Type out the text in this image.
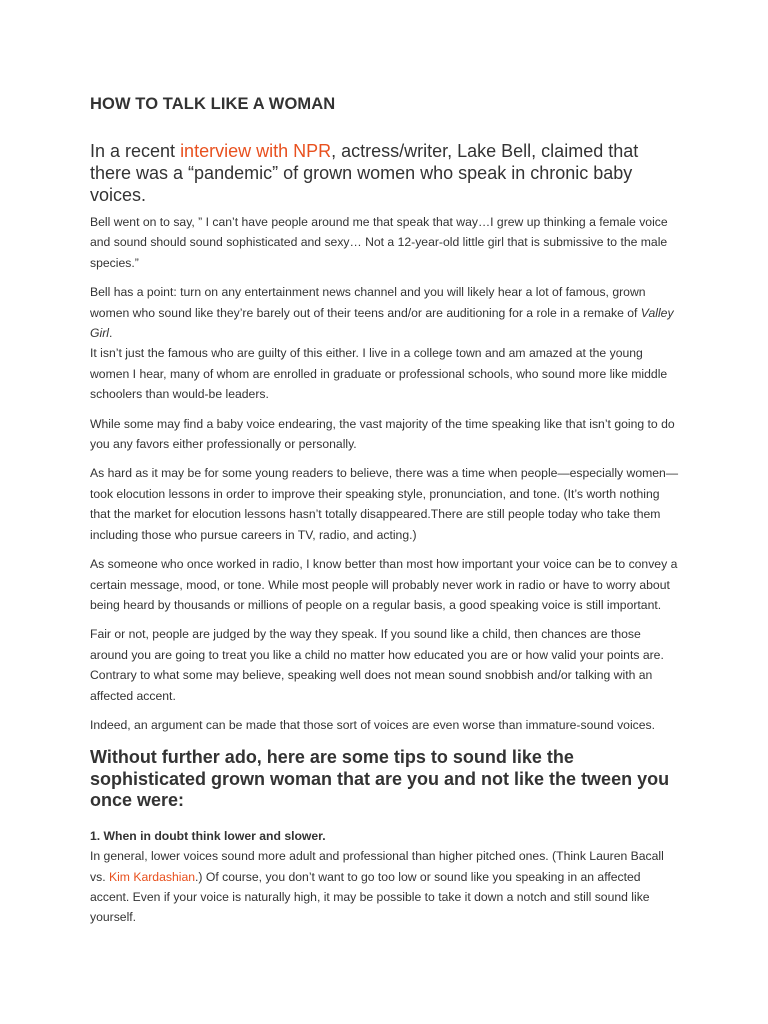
HOW TO TALK LIKE A WOMAN

In a recent interview with NPR, actress/writer, Lake Bell, claimed that there was a “pandemic” of grown women who speak in chronic baby voices.

Bell went on to say, ” I can’t have people around me that speak that way…I grew up thinking a female voice and sound should sound sophisticated and sexy… Not a 12-year-old little girl that is submissive to the male species.”

Bell has a point: turn on any entertainment news channel and you will likely hear a lot of famous, grown women who sound like they’re barely out of their teens and/or are auditioning for a role in a remake of Valley Girl.

It isn’t just the famous who are guilty of this either. I live in a college town and am amazed at the young women I hear, many of whom are enrolled in graduate or professional schools, who sound more like middle schoolers than would-be leaders.

While some may find a baby voice endearing, the vast majority of the time speaking like that isn’t going to do you any favors either professionally or personally.

As hard as it may be for some young readers to believe, there was a time when people—especially women—took elocution lessons in order to improve their speaking style, pronunciation, and tone. (It’s worth nothing that the market for elocution lessons hasn’t totally disappeared.There are still people today who take them including those who pursue careers in TV, radio, and acting.)

As someone who once worked in radio, I know better than most how important your voice can be to convey a certain message, mood, or tone. While most people will probably never work in radio or have to worry about being heard by thousands or millions of people on a regular basis, a good speaking voice is still important.

Fair or not, people are judged by the way they speak. If you sound like a child, then chances are those around you are going to treat you like a child no matter how educated you are or how valid your points are. Contrary to what some may believe, speaking well does not mean sound snobbish and/or talking with an affected accent.

Indeed, an argument can be made that those sort of voices are even worse than immature-sound voices.

Without further ado, here are some tips to sound like the sophisticated grown woman that are you and not like the tween you once were:

1. When in doubt think lower and slower.

In general, lower voices sound more adult and professional than higher pitched ones. (Think Lauren Bacall vs. Kim Kardashian.) Of course, you don’t want to go too low or sound like you speaking in an affected accent. Even if your voice is naturally high, it may be possible to take it down a notch and still sound like yourself.
